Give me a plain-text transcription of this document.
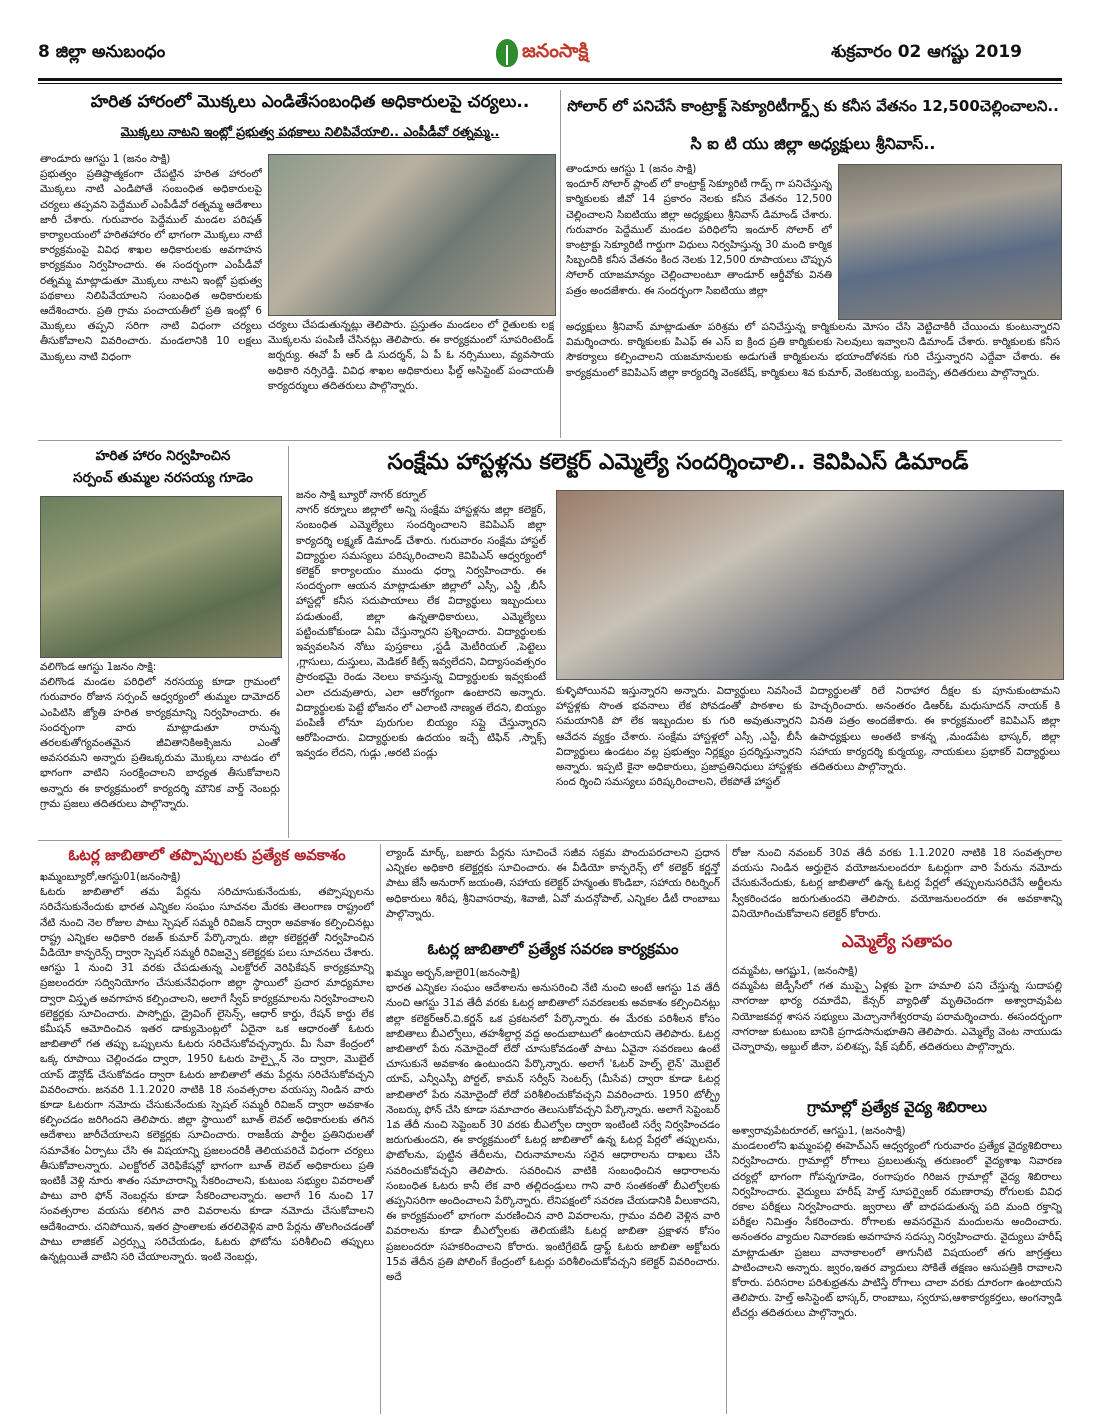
8 జిల్లా అనుబంధం	జనంసాక్షి	శుక్రవారం 02 ఆగష్టు 2019
హరిత హారంలో మొక్కలు ఎండితేసంబంధిత అధికారులపై చర్యలు..
మొక్కలు నాటని ఇంట్లో ప్రభుత్వ పథకాలు నిలిపివేయాలి.. ఎంపీడీవో రత్నమ్మ..
తాండూరు ఆగస్టు 1 (జనం సాక్షి)
ప్రభుత్వం ప్రతిష్టాత్మకంగా చేపట్టిన హరిత హారంలో మొక్కలు నాటి ఎండిపోతే సంబంధిత అధికారులపై చర్యలు తప్పవని పెద్దేముల్ ఎంపీడీవో రత్నమ్మ ఆదేశాలు జారీ చేశారు. గురువారం పెద్దేముల్ మండల పరిషత్ కార్యాలయంలో హరితహారం లో భాగంగా మొక్కలు నాటే కార్యక్రమంపై వివిధ శాఖల అధికారులకు అవగాహన కార్యక్రమం నిర్వహించారు. ఈ సందర్భంగా ఎంపీడీవో రత్నమ్మ మాట్లాడుతూ మొక్కలు నాటని ఇంట్లో ప్రభుత్వ పథకాలు నిలిపివేయాలని సంబంధిత అధికారులకు ఆదేశించారు. ప్రతి గ్రామ పంచాయతీలో ప్రతి ఇంట్లో 6 మొక్కలు తప్పని సరిగా నాటి విధంగా చర్యలు తీసుకోవాలని వివరించారు. మండలానికి 10 లక్షలు మొక్కలు నాటి విధంగా
చర్యలు చేపడుతున్నట్లు తెలిపారు. ప్రస్తుతం మండలం లో రైతులకు లక్ష మొక్కలను పంపిణీ చేసినట్లు తెలిపారు. ఈ కార్యక్రమంలో సూపరింటెండ్ జర్నర్యు. ఈవో పీ ఆర్ డి సుదర్శన్, ఏ పీ ఓ నర్సిములు, వ్యవసాయ అధికారి నర్సిరెడ్డి. వివిధ శాఖల అధికారులు ఫీల్డ్ అసిస్టెంట్ పంచాయతీ కార్యదర్శులు తదితరులు పాల్గొన్నారు.
సోలార్ లో పనిచేసే కాంట్రాక్ట్ సెక్యూరిటీగార్డ్స్ కు కనీస వేతనం 12,500చెల్లించాలని..
సి ఐ టి యు జిల్లా అధ్యక్షులు శ్రీనివాస్..
తాండూరు ఆగస్టు 1 (జనం సాక్షి)
ఇందూర్ సోలార్ ప్లాంట్ లో కాంట్రాక్ట్ సెక్యూరిటీ గాడ్స్ గా పనిచేస్తున్న కార్మికులకు జీవో 14 ప్రకారం నెలకు కనీస వేతనం 12,500 చెల్లించాలని సిఐటియు జిల్లా అధ్యక్షులు శ్రీనివాస్ డిమాండ్ చేశారు. గురువారం పెద్దేముల్ మండల పరిధిలోని ఇందూర్ సోలార్ లో కాంట్రాక్టు సెక్యూరిటీ గార్డుగా విధులు నిర్వహిస్తున్న 30 మంది కార్మిక సిబ్బందికి కనీస వేతనం కింద నెలకు 12,500 రూపాయలు చొప్పున సోలార్ యాజమాన్యం చెల్లించాలంటూ తాండూర్ ఆర్డీవోకు వినతి పత్రం అందజేశారు. ఈ సందర్భంగా సిఐటియు జిల్లా
అధ్యక్షులు శ్రీనివాస్ మాట్లాడుతూ పరిశ్రమ లో పనిచేస్తున్న కార్మికులను మోసం చేసి వెట్టిచాకిరీ చేయించు కుంటున్నారని విమర్శించారు. కార్మికులకు పిఎఫ్ ఈ ఎస్ ఐ క్రింద ప్రతి కార్మికులకు సెలవులు ఇవ్వాలని డిమాండ్ చేశారు. కార్మికులకు కనీస సౌకర్యాలు కల్పించాలని యజమానులకు అడుగుతే కార్మికులను భయాందోళనకు గురి చేస్తున్నారని ఎద్దేవా చేశారు. ఈ కార్యక్రమంలో కెవిపిఎస్ జిల్లా కార్యదర్శి వెంకటేష్, కార్మికులు శివ కుమార్, వెంకటయ్య, బందెప్ప, తదితరులు పాల్గొన్నారు.
హరిత హారం నిర్వహించిన
సర్పంచ్ తుమ్మల నరసయ్య గూడెం
వలిగొండ ఆగస్టు 1జనం సాక్షి:
వలిగొండ మండల పరిధిలో నరసయ్య కూడా గ్రామంలో గురువారం రోజున సర్పంచ్ ఆధ్వర్యంలో తుమ్మల దామోదర్ ఎంపిటిసి జ్యోతి హరిత కార్యక్రమాన్ని నిర్వహించారు. ఈ సందర్భంగా వారు మాట్లాడుతూ రానున్న తరలకుతోగ్యవంతమైన జీవితానికిఅక్సిజను ఎంతో అవసరమని అన్నారు ప్రతిఒక్కరుమ మొక్కలు నాటడం లో భాగంగా వాటిని సంరక్షించాలని బాధ్యత తీసుకోవాలని అన్నారు ఈ కార్యక్రమంలో కార్యదర్శి మౌనిక వార్డ్ నెంబర్లు గ్రామ ప్రజలు తదితరులు పాల్గొన్నారు.
సంక్షేమ హాస్టళ్లను కలెక్టర్ ఎమ్మెల్యే సందర్శించాలి.. కెవిపిఎస్ డిమాండ్
జనం సాక్షి బ్యూరో నాగర్ కర్నూల్
నాగర్ కర్నూలు జిల్లాలో అన్ని సంక్షేమ హాస్టళ్లను జిల్లా కలెక్టర్, సంబంధిత ఎమ్మెల్యేలు సందర్శించాలని కెవిపిఎస్ జిల్లా కార్యదర్శి లక్ష్మణ్ డిమాండ్ చేశారు. గురువారం సంక్షేమ హాస్టల్ విద్యార్థుల సమస్యలు పరిష్కరించాలని కెవిపిఎస్ ఆధ్వర్యంలో కలెక్టర్ కార్యాలయం ముందు ధర్నా నిర్వహించారు. ఈ సందర్భంగా ఆయన మాట్లాడుతూ జిల్లాలో ఎస్సీ, ఎస్టీ ,బీసీ హాస్టల్లో కనీస సదుపాయాలు లేక విద్యార్థులు ఇబ్బందులు పడుతుంటే, జిల్లా ఉన్నతాధికారులు, ఎమ్మెల్యేలు పట్టించుకోకుండా ఏమి చేస్తున్నారని ప్రశ్నించారు. విద్యార్థులకు ఇవ్వవలసిన నోటు పుస్తకాలు ,స్టడీ మెటీరియల్ ,పెట్టెలు ,గ్లాసులు, దుస్తులు, మెడికల్ కిట్స్ ఇవ్వలేదని, విద్యాసంవత్సరం ప్రారంభమై రెండు నెలలు కావస్తున్న విద్యార్థులకు ఇవ్వకుంటే ఎలా చదువుతారు, ఎలా ఆరోగ్యంగా ఉంటారని అన్నారు. విద్యార్థులకు పెట్టే భోజనం లో ఎలాంటి నాణ్యత లేదని, బియ్యం పంపిణీ లోనూ పురుగుల బియ్యం సప్లై చేస్తున్నారని ఆరోపించారు. విద్యార్థులకు ఉదయం ఇచ్చే టిఫిన్ ,స్నాక్స్ ఇవ్వడం లేదని, గుడ్లు ,అరటి పండ్లు
కుళ్ళిపోయినవి ఇస్తున్నారని అన్నారు. విద్యార్థులు నివసించే హాస్టళ్లకు సొంత భవనాలు లేక పోవడంతో పాఠశాల కు సమయానికి పో లేక ఇబ్బందుల కు గురి అవుతున్నారని ఆవేదన వ్యక్తం చేశారు. సంక్షేమ హాస్టళ్లలో ఎస్సీ ,ఎస్టీ, బీసీ విద్యార్థులు ఉండటం వల్ల ప్రభుత్వం నిర్లక్ష్యం ప్రదర్శిస్తున్నారని అన్నారు. ఇప్పటి కైనా అధికారులు, ప్రజాప్రతినిధులు హాస్టళ్లకు సంద ర్శించి సమస్యలు పరిష్కరించాలని, లేకపోతే హాస్టల్
విద్యార్థులతో రిలే నిరాహార దీక్షల కు పూనుకుంటామని హెచ్చరించారు. అనంతరం డిఆర్ఓ మధుసూదన్ నాయక్ కి వినతి పత్రం అందజేశారు. ఈ కార్యక్రమంలో కెవిపిఎస్ జిల్లా ఉపాధ్యక్షులు అంతటి కాశన్న ,మండపేట భాస్కర్, జిల్లా సహాయ కార్యదర్శి కుర్మయ్య, నాయకులు ప్రభాకర్ విద్యార్థులు తదితరులు పాల్గొన్నారు.
ఓటర్ల జాబితాలో తప్పొప్పులకు ప్రత్యేక అవకాశం
ఖమ్మంబ్యూరో,ఆగస్టు01(జనంసాక్షి)
ఓటరు జాబితాలో తమ పేర్లను సరిచూసుకునేందుకు, తప్పొప్పులను సరిచేసుకునేందుకు భారత ఎన్నికల సంఘం సూచనల మేరకు తెలంగాణ రాష్ట్రంలో నేటి నుంచి నెల రోజుల పాటు స్పెషల్ సమ్మరీ రివిజన్ ద్వారా అవకాశం కల్పించినట్లు రాష్ట్ర ఎన్నికల అధికారి రజత్ కుమార్ పేర్కొన్నారు. జిల్లా కలెక్టర్లతో నిర్వహించిన వీడియో కాన్ఫరెన్స్ ద్వారా స్పెషల్ సమ్మరీ రివిజన్పై కలెక్టర్లకు పలు సూచనలు చేశారు. ఆగస్టు 1 నుంచి 31 వరకు చేపడుతున్న ఎలక్టోరల్ వెరిఫికేషన్ కార్యక్రమాన్ని ప్రజలందరూ సద్వినియోగం చేసుకునేవిధంగా జిల్లా స్థాయిలో ప్రచార మాధ్యమాల ద్వారా విస్తృత అవగాహన కల్పించాలని, అలాగే స్వీప్ కార్యక్రమాలను నిర్వహించాలని కలెక్టర్లకు సూచించారు. పాస్పోర్టు, డ్రైవింగ్ లైసెన్స్, ఆధార్ కార్డు, రేషన్ కార్డు లేక కమీషన్ ఆమోదించిన ఇతర డాక్యుమెంట్లలో ఏదైనా ఒక ఆధారంతో ఓటరు జాబితాలో గత తప్పు ఒప్పులను ఓటరు సరిచేసుకోవచ్చన్నారు. మీ సేవా కేంద్రంలో ఒక్క రూపాయి చెల్లించడం ద్వారా, 1950 ఓటరు హెల్ప్లైన్ నెం ద్వారా, మొబైల్ యాప్ డౌన్లోడ్ చేసుకోవడం ద్వారా ఓటరు జాబితాలో తమ పేర్లను సరిచేసుకోవచ్చని వివరించారు. జనవరి 1.1.2020 నాటికి 18 సంవత్సరాల వయస్సు నిండిన వారు కూడా ఓటరుగా నమోదు చేసుకునేందుకు స్పెషల్ సమ్మరీ రివిజన్ ద్వారా అవకాశం కల్పించడం జరిగిందని తెలిపారు. జిల్లా స్థాయిలో బూత్ లెవల్ అధికారులకు తగిన ఆదేశాలు జారీచేయాలని కలెక్టర్లకు సూచించారు. రాజకీయ పార్టీల ప్రతినిధులతో సమావేశం ఏర్పాటు చేసి ఈ విషయాన్ని ప్రజలందరికీ తెలియపరిచే విధంగా చర్యలు తీసుకోవాలన్నారు. ఎలక్టోరల్ వెరిఫికేషన్లో భాగంగా బూత్ లెవల్ అధికారులు ప్రతి ఇంటికీ వెళ్లి నూరు శాతం సమాచారాన్ని సేకరించాలని, కుటుంబ సభ్యుల వివరాలతో పాటు వారి ఫోన్ నెంబర్లను కూడా సేకరించాలన్నారు. అలాగే 16 నుంచి 17 సంవత్సరాల వయసు కలిగిన వారి వివరాలను కూడా నమోదు చేసుకోవాలని ఆదేశించారు. చనిపోయిన, ఇతర ప్రాంతాలకు తరలివెళ్లిన వారి పేర్లను తొలగించడంతో పాటు లాజికల్ ఎర్రర్స్ను సరిచేయడం, ఓటరు ఫోటోను పరిశీలించి తప్పులు ఉన్నట్లయితే వాటిని సరి చేయాలన్నారు. ఇంటి నెంబర్లు,
ల్యాండ్ మార్క్, బజారు పేర్లను సూచించే సజీవ సక్రమ పొందుపరచాలని ప్రధాన ఎన్నికల అధికారి కలెక్టర్లకు సూచించారు. ఈ వీడియో కాన్ఫరెన్స్ లో కలెక్టర్ కర్ణన్తో పాటు జేసీ అనురాగ్ జయంతి, సహాయ కలెక్టర్ హన్మంతు కొండిబా, సహాయ రిటర్నింగ్ అధికారులు శిరీష, శ్రీనివాసరావు, శివాజీ, ఏవో మదన్గోపాల్, ఎన్నికల డీటీ రాంబాబు పాల్గొన్నారు.
ఓటర్ల జాబితాలో ప్రత్యేక సవరణ కార్యక్రమం
ఖమ్మం అర్బన్,జులై01(జనంసాక్షి)
భారత ఎన్నికల సంఘం ఆదేశాలను అనుసరించి నేటి నుంచి అంటే ఆగస్టు 1వ తేదీ నుంచి ఆగస్టు 31వ తేదీ వరకు ఓటర్ల జాబితాలో సవరణలకు అవకాశం కల్పించినట్లు జిల్లా కలెక్టర్ఆర్.వి.కర్ణన్ ఒక ప్రకటనలో పేర్కొన్నారు. ఈ మేరకు పరిశీలన కోసం జాబితాలు బీఎల్వోలు, తహశీల్దార్ల వద్ద అందుబాటులో ఉంటాయని తెలిపారు. ఓటర్ల జాబితాలో పేరు నమోదైందో లేదో చూసుకోవడంతో పాటు ఏవైనా సవరణలు ఉంటే చూసుకునే అవకాశం ఉంటుందని పేర్కొన్నారు. అలాగే 'ఓటర్ హెల్ప్ లైన్' మొబైల్ యాప్, ఎన్వీఎస్పీ పోర్టల్, కామన్ సర్వీస్ సెంటర్స్ (మీసేవ) ద్వారా కూడా ఓటర్ల జాబితాలో పేరు నమోదైందో లేదో పరిశీలించుకోవచ్చని వివరించారు. 1950 టోల్ఫ్రీ నెంబర్కు ఫోన్ చేసి కూడా సమాచారం తెలుసుకోవచ్చని పేర్కొన్నారు. అలాగే సెప్టెంబర్ 1వ తేదీ నుంచి సెప్టెంబర్ 30 వరకు బీఎల్వోల ద్వారా ఇంటింటి సర్వే నిర్వహించడం జరుగుతుందని, ఈ కార్యక్రమంలో ఓటర్ల జాబితాలో ఉన్న ఓటర్ల పేర్లలో తప్పులను, ఫొటోలను, పుట్టిన తేదీలను, చిరునామాలను సరైన ఆధారాలను దాఖలు చేసి సవరించుకోవచ్చని తెలిపారు. సవరించిన వాటికి సంబంధించిన ఆధారాలను సంబంధిత ఓటరు కానీ లేక వారి తల్లిదండ్రులు గాని వారి సంతకంతో బీఎల్వోలకు తప్పనిసరిగా అందించాలని పేర్కొన్నారు. లేనిపక్షంలో సవరణ చేయడానికి వీలుకాదని, ఈ కార్యక్రమంలో భాగంగా మరణించిన వారి వివరాలను, గ్రామం వదిలి వెళ్లిన వారి వివరాలను కూడా బీఎల్వోలకు తెలియజేసి ఓటర్ల జాబితా ప్రక్షాళన కోసం ప్రజలందరూ సహకరించాలని కోరారు. ఇంటిగ్రేటెడ్ డ్రాఫ్ట్ ఓటరు జాబితా అక్టోబరు 15వ తేదీన ప్రతి పోలింగ్ కేంద్రంలో ఓటర్లు పరిశీలించుకోవచ్చని కలెక్టర్ వివరించారు. అదే
రోజు నుంచి నవంబర్ 30వ తేదీ వరకు 1.1.2020 నాటికి 18 సంవత్సరాల వయసు నిండిన అర్హులైన వయోజనులందరూ ఓటర్లుగా వారి పేరును నమోదు చేసుకునేందుకు, ఓటర్ల జాబితాలో ఉన్న ఓటర్ల పేర్లలో తప్పులనుసరిచేసే అర్జీలను స్వీకరించడం జరుగుతుందని తెలిపారు. వయోజనులందరూ ఈ అవకాశాన్ని వినియోగించుకోవాలని కలెక్టర్ కోరారు.
ఎమ్మెల్యే సతాపం
దమ్మపేట, ఆగష్టు1, (జనంసాక్షి)
దమ్మపేట జెడ్పీసీలో గత ముప్పై ఏళ్లకు పైగా హమాలి పని చేస్తున్న సుదాపల్లి నాగరాజు భార్య రమాదేవి, కేన్సర్ వ్యాధితో మృతిచెందగా అశ్వారావుపేట నియోజకవర్గ శాసన సభ్యులు మెచ్చానాగేశ్వరరావు పరామర్శించారు. ఈసందర్భంగా నాగరాజు కుటుంబ బానికి ప్రగాడసానుభూతిని తెలిపారు. ఎమ్మెల్యే వెంట నాయుడు చెన్నారావు, అబ్దుల్ జీనా, పలిశప్ప, షేక్ షబీర్, తదితరులు పాల్గొన్నారు.
గ్రామాల్లో ప్రత్యేక వైద్య శిబిరాలు
అశ్వారావుపేటరూరల్, ఆగస్టు1, (జనంసాక్షి)
మండలంలోని ఖమ్మంపల్లి ఈహెచ్ఎస్ ఆధ్వర్యంలో గురువారం ప్రత్యేక వైద్యశిబిరాలు నిర్వహించారు. గ్రామాల్లో రోగాలు ప్రబలుతున్న తరుణంలో వైద్యశాఖ నివారణ చర్యల్లో భాగంగా గోపన్నగూడెం, రంగాపురం గిరిజన గ్రామాల్లో వైద్య శిబిరాలు నిర్వహించారు. వైద్యులు హరీష్ హెల్త్ సూపర్వైజర్ రమణారావు రోగులకు వివిధ రకాల పరీక్షలు నిర్వహించారు. జ్వరాలు తో బాధపడుతున్న పది మంది రక్తాన్ని పరీక్షల నిమిత్తం సేకరించారు. రోగాలకు అవసరమైన మందులను అందించారు. అనంతరం వ్యాదుల నివారణకు అవగాహన సదస్సు నిర్వహించారు. వైద్యులు హరీష్ మాట్లాడుతూ ప్రజలు వానాకాలంలో తాగునీటి విషయంలో తగు జాగ్రత్తలు పాటించాలని అన్నారు. జ్వరం,ఇతర వ్యాదులు సోకితే తక్షణం ఆసుపత్రికి రావాలని కోరారు. పరిసరాల పరిశుభ్రతను పాటిస్తే రోగాలు చాలా వరకు దూరంగా ఉంటాయని తెలిపారు. హెల్త్ అసిస్టెంట్ భాస్కర్, రాంబాబు, స్వరూప,ఆశాకార్యకర్తలు, అంగన్వాడి టీచర్లు తదితరులు పాల్గొన్నారు.
